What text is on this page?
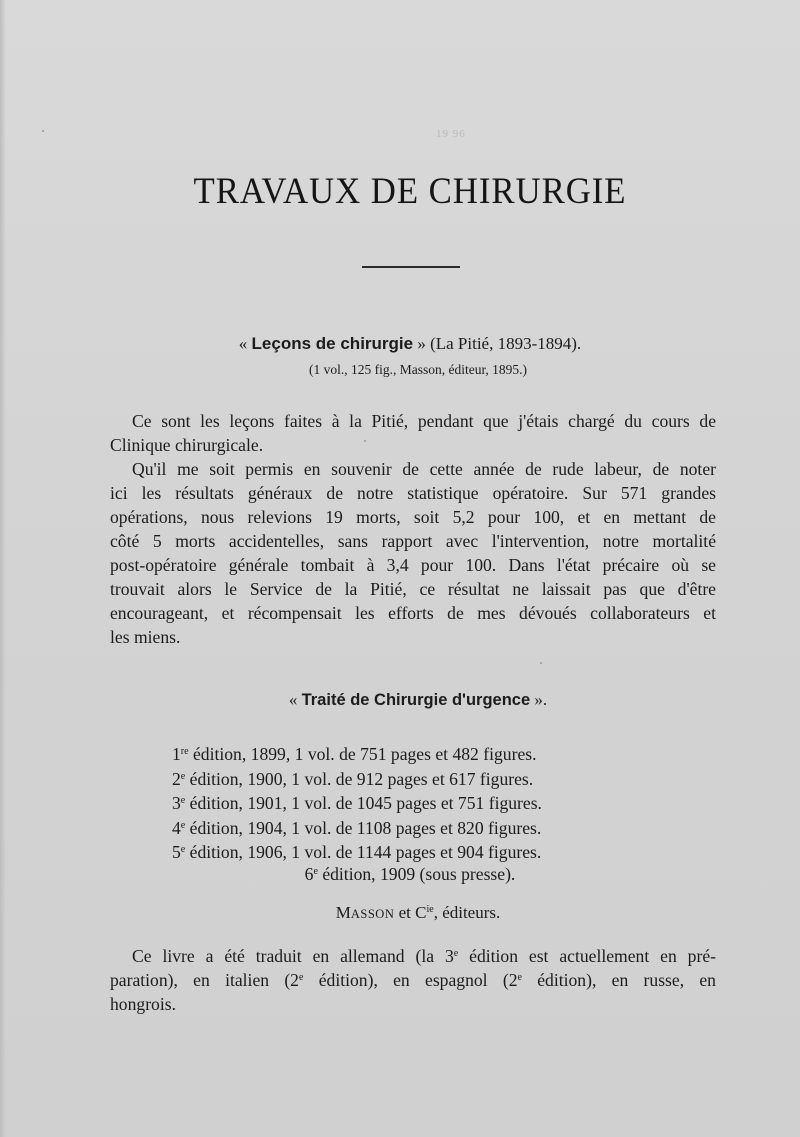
19 96
TRAVAUX DE CHIRURGIE
« Leçons de chirurgie » (La Pitié, 1893-1894).
(1 vol., 125 fig., Masson, éditeur, 1895.)
Ce sont les leçons faites à la Pitié, pendant que j'étais chargé du cours de
Clinique chirurgicale.
Qu'il me soit permis en souvenir de cette année de rude labeur, de noter
ici les résultats généraux de notre statistique opératoire. Sur 571 grandes
opérations, nous relevions 19 morts, soit 5,2 pour 100, et en mettant de
côté 5 morts accidentelles, sans rapport avec l'intervention, notre mortalité
post-opératoire générale tombait à 3,4 pour 100. Dans l'état précaire où se
trouvait alors le Service de la Pitié, ce résultat ne laissait pas que d'être
encourageant, et récompensait les efforts de mes dévoués collaborateurs et
les miens.
« Traité de Chirurgie d'urgence ».
1re édition, 1899, 1 vol. de 751 pages et 482 figures.
2e édition, 1900, 1 vol. de 912 pages et 617 figures.
3e édition, 1901, 1 vol. de 1045 pages et 751 figures.
4e édition, 1904, 1 vol. de 1108 pages et 820 figures.
5e édition, 1906, 1 vol. de 1144 pages et 904 figures.
6e édition, 1909 (sous presse).
MASSON et $C^{ie}$, éditeurs.
Ce livre a été traduit en allemand (la 3e édition est actuellement en pré-
paration), en italien (2e édition), en espagnol (2e édition), en russe, en
hongrois.
